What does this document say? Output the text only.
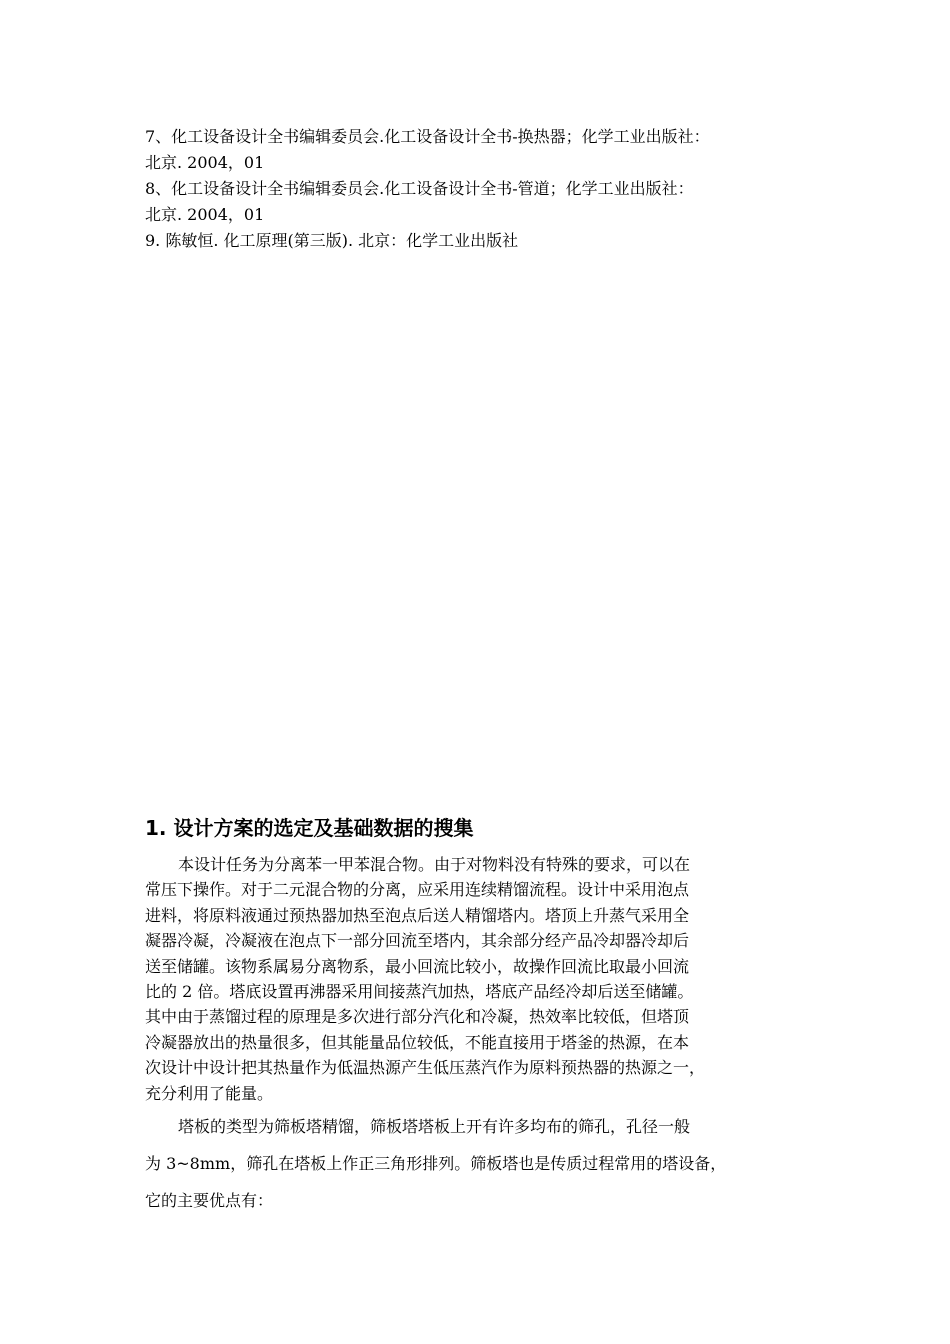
7、化工设备设计全书编辑委员会.化工设备设计全书-换热器；化学工业出版社：
北京. 2004，01
8、化工设备设计全书编辑委员会.化工设备设计全书-管道；化学工业出版社：
北京. 2004，01
9. 陈敏恒. 化工原理(第三版). 北京：化学工业出版社
1. 设计方案的选定及基础数据的搜集
本设计任务为分离苯一甲苯混合物。由于对物料没有特殊的要求，可以在
常压下操作。对于二元混合物的分离，应采用连续精馏流程。设计中采用泡点
进料，将原料液通过预热器加热至泡点后送人精馏塔内。塔顶上升蒸气采用全
凝器冷凝，冷凝液在泡点下一部分回流至塔内，其余部分经产品冷却器冷却后
送至储罐。该物系属易分离物系，最小回流比较小，故操作回流比取最小回流
比的 2 倍。塔底设置再沸器采用间接蒸汽加热，塔底产品经冷却后送至储罐。
其中由于蒸馏过程的原理是多次进行部分汽化和冷凝，热效率比较低，但塔顶
冷凝器放出的热量很多，但其能量品位较低，不能直接用于塔釜的热源，在本
次设计中设计把其热量作为低温热源产生低压蒸汽作为原料预热器的热源之一，
充分利用了能量。
塔板的类型为筛板塔精馏，筛板塔塔板上开有许多均布的筛孔，孔径一般
为 3~8mm，筛孔在塔板上作正三角形排列。筛板塔也是传质过程常用的塔设备，
它的主要优点有：
